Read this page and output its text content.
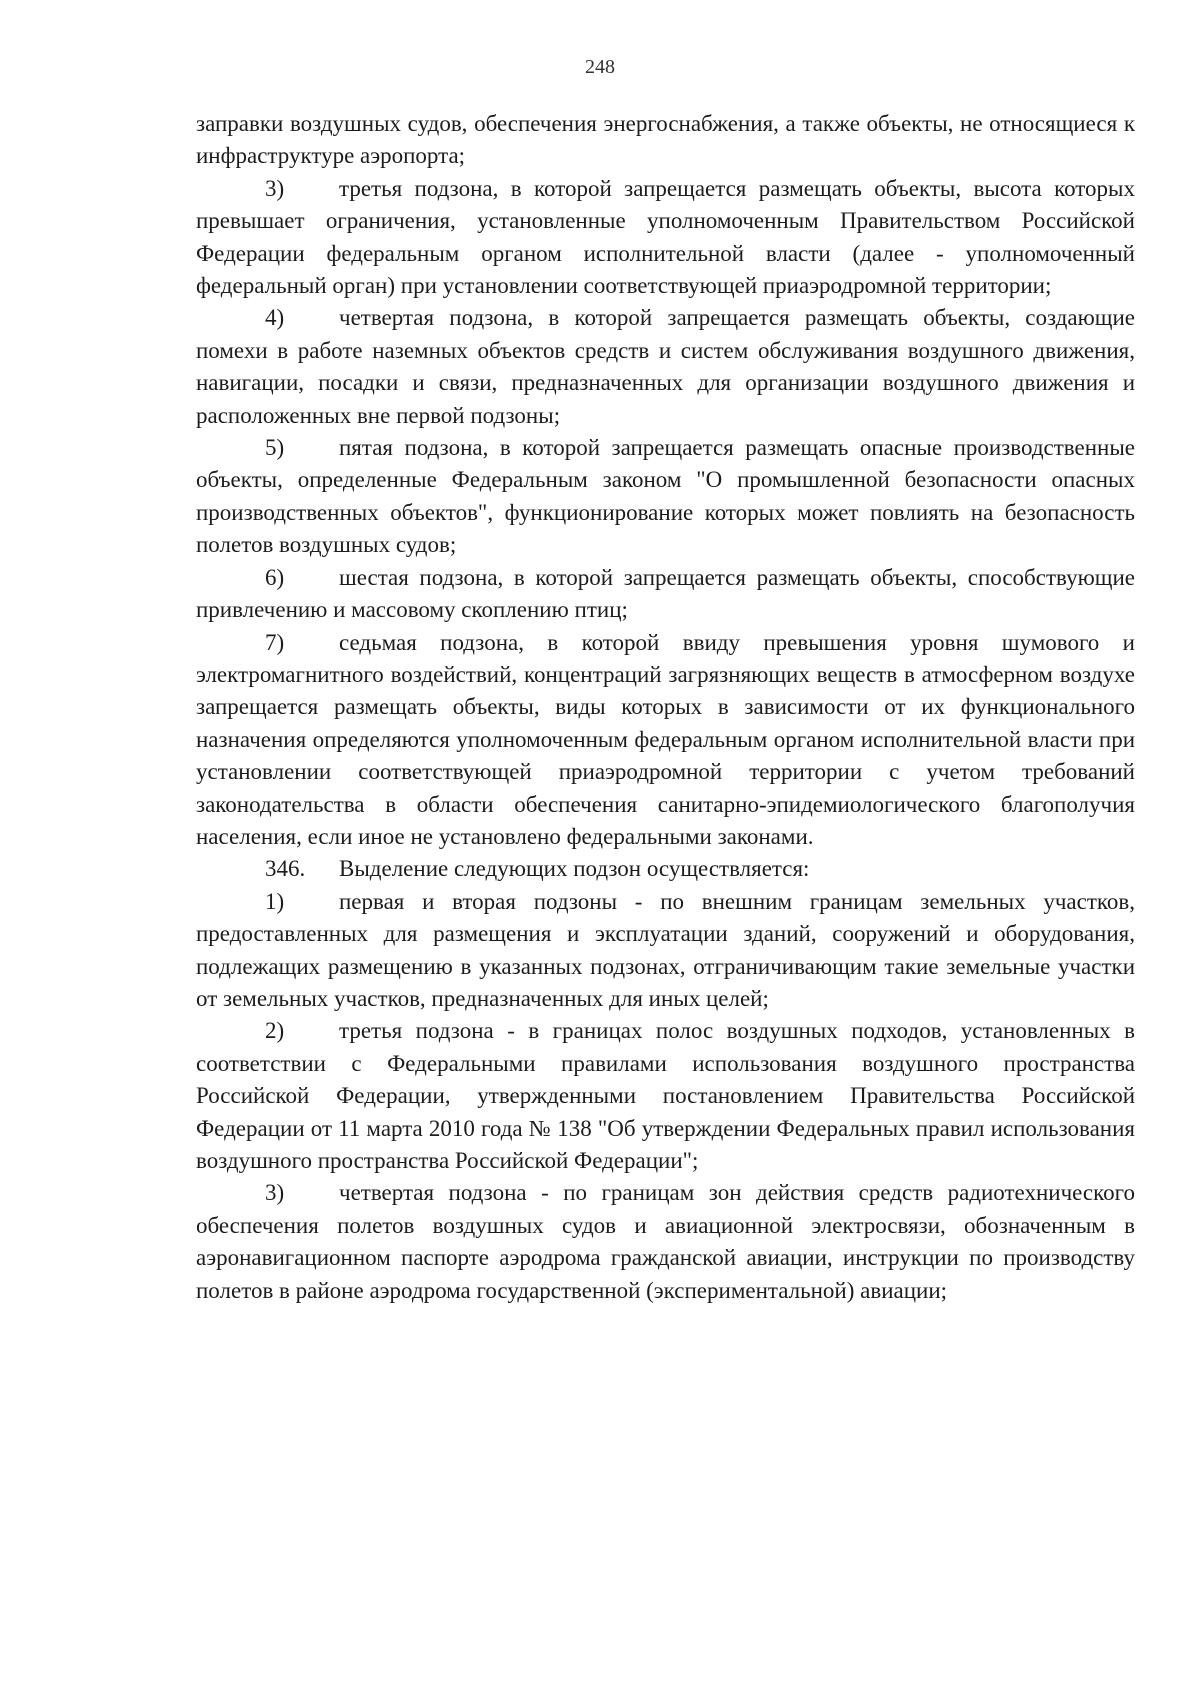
248

заправки воздушных судов, обеспечения энергоснабжения, а также объекты, не относящиеся к инфраструктуре аэропорта;

3) третья подзона, в которой запрещается размещать объекты, высота которых превышает ограничения, установленные уполномоченным Правительством Российской Федерации федеральным органом исполнительной власти (далее - уполномоченный федеральный орган) при установлении соответствующей приаэродромной территории;

4) четвертая подзона, в которой запрещается размещать объекты, создающие помехи в работе наземных объектов средств и систем обслуживания воздушного движения, навигации, посадки и связи, предназначенных для организации воздушного движения и расположенных вне первой подзоны;

5) пятая подзона, в которой запрещается размещать опасные производственные объекты, определенные Федеральным законом "О промышленной безопасности опасных производственных объектов", функционирование которых может повлиять на безопасность полетов воздушных судов;

6) шестая подзона, в которой запрещается размещать объекты, способствующие привлечению и массовому скоплению птиц;

7) седьмая подзона, в которой ввиду превышения уровня шумового и электромагнитного воздействий, концентраций загрязняющих веществ в атмосферном воздухе запрещается размещать объекты, виды которых в зависимости от их функционального назначения определяются уполномоченным федеральным органом исполнительной власти при установлении соответствующей приаэродромной территории с учетом требований законодательства в области обеспечения санитарно-эпидемиологического благополучия населения, если иное не установлено федеральными законами.

346. Выделение следующих подзон осуществляется:

1) первая и вторая подзоны - по внешним границам земельных участков, предоставленных для размещения и эксплуатации зданий, сооружений и оборудования, подлежащих размещению в указанных подзонах, отграничивающим такие земельные участки от земельных участков, предназначенных для иных целей;

2) третья подзона - в границах полос воздушных подходов, установленных в соответствии с Федеральными правилами использования воздушного пространства Российской Федерации, утвержденными постановлением Правительства Российской Федерации от 11 марта 2010 года № 138 "Об утверждении Федеральных правил использования воздушного пространства Российской Федерации";

3) четвертая подзона - по границам зон действия средств радиотехнического обеспечения полетов воздушных судов и авиационной электросвязи, обозначенным в аэронавигационном паспорте аэродрома гражданской авиации, инструкции по производству полетов в районе аэродрома государственной (экспериментальной) авиации;
